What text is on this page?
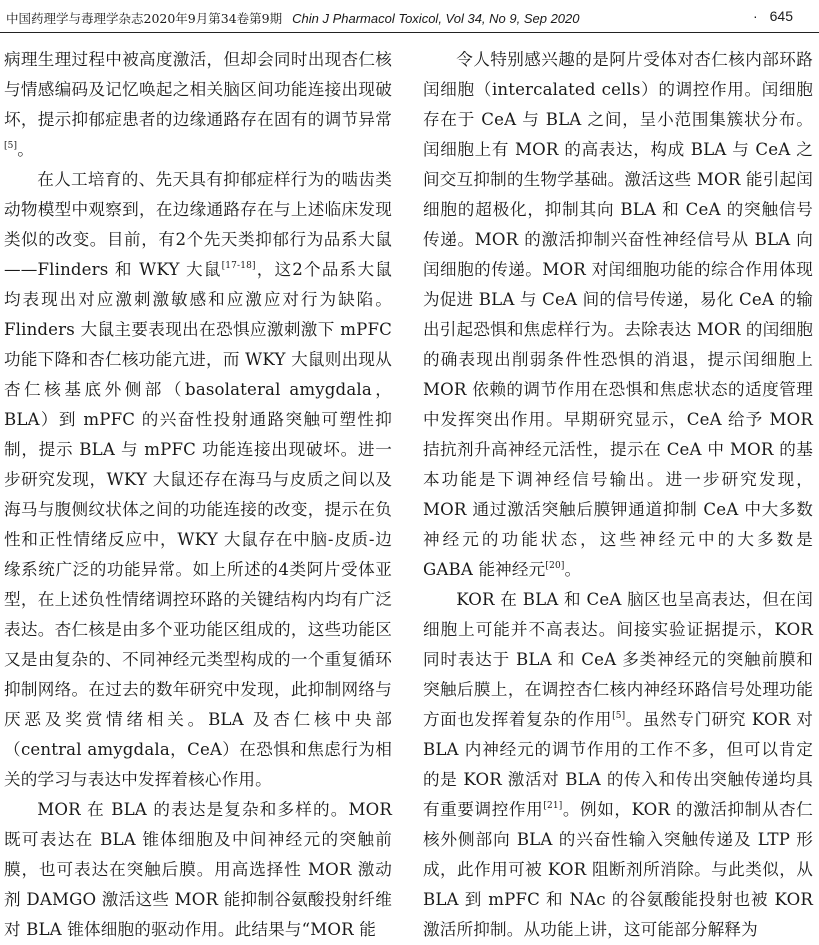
中国药理学与毒理学杂志2020年9月第34卷第9期 Chin J Pharmacol Toxicol, Vol 34, No 9, Sep 2020	· 645

病理生理过程中被高度激活，但却会同时出现杏仁核与情感编码及记忆唤起之相关脑区间功能连接出现破坏，提示抑郁症患者的边缘通路存在固有的调节异常[5]。

在人工培育的、先天具有抑郁症样行为的啮齿类动物模型中观察到，在边缘通路存在与上述临床发现类似的改变。目前，有2个先天类抑郁行为品系大鼠——Flinders 和 WKY 大鼠[17-18]，这2个品系大鼠均表现出对应激刺激敏感和应激应对行为缺陷。Flinders 大鼠主要表现出在恐惧应激刺激下 mPFC 功能下降和杏仁核功能亢进，而 WKY 大鼠则出现从杏仁核基底外侧部（basolateral amygdala，BLA）到 mPFC 的兴奋性投射通路突触可塑性抑制，提示 BLA 与 mPFC 功能连接出现破坏。进一步研究发现，WKY 大鼠还存在海马与皮质之间以及海马与腹侧纹状体之间的功能连接的改变，提示在负性和正性情绪反应中，WKY 大鼠存在中脑-皮质-边缘系统广泛的功能异常。如上所述的4类阿片受体亚型，在上述负性情绪调控环路的关键结构内均有广泛表达。杏仁核是由多个亚功能区组成的，这些功能区又是由复杂的、不同神经元类型构成的一个重复循环抑制网络。在过去的数年研究中发现，此抑制网络与厌恶及奖赏情绪相关。BLA 及杏仁核中央部（central amygdala，CeA）在恐惧和焦虑行为相关的学习与表达中发挥着核心作用。

MOR 在 BLA 的表达是复杂和多样的。MOR 既可表达在 BLA 锥体细胞及中间神经元的突触前膜，也可表达在突触后膜。用高选择性 MOR 激动剂 DAMGO 激活这些 MOR 能抑制谷氨酸投射纤维对 BLA 锥体细胞的驱动作用。此结果与“MOR 能

令人特别感兴趣的是阿片受体对杏仁核内部环路闰细胞（intercalated cells）的调控作用。闰细胞存在于 CeA 与 BLA 之间，呈小范围集簇状分布。闰细胞上有 MOR 的高表达，构成 BLA 与 CeA 之间交互抑制的生物学基础。激活这些 MOR 能引起闰细胞的超极化，抑制其向 BLA 和 CeA 的突触信号传递。MOR 的激活抑制兴奋性神经信号从 BLA 向闰细胞的传递。MOR 对闰细胞功能的综合作用体现为促进 BLA 与 CeA 间的信号传递，易化 CeA 的输出引起恐惧和焦虑样行为。去除表达 MOR 的闰细胞的确表现出削弱条件性恐惧的消退，提示闰细胞上 MOR 依赖的调节作用在恐惧和焦虑状态的适度管理中发挥突出作用。早期研究显示，CeA 给予 MOR 拮抗剂升高神经元活性，提示在 CeA 中 MOR 的基本功能是下调神经信号输出。进一步研究发现，MOR 通过激活突触后膜钾通道抑制 CeA 中大多数神经元的功能状态，这些神经元中的大多数是 GABA 能神经元[20]。

KOR 在 BLA 和 CeA 脑区也呈高表达，但在闰细胞上可能并不高表达。间接实验证据提示，KOR 同时表达于 BLA 和 CeA 多类神经元的突触前膜和突触后膜上，在调控杏仁核内神经环路信号处理功能方面也发挥着复杂的作用[5]。虽然专门研究 KOR 对 BLA 内神经元的调节作用的工作不多，但可以肯定的是 KOR 激活对 BLA 的传入和传出突触传递均具有重要调控作用[21]。例如，KOR 的激活抑制从杏仁核外侧部向 BLA 的兴奋性输入突触传递及 LTP 形成，此作用可被 KOR 阻断剂所消除。与此类似，从 BLA 到 mPFC 和 NAc 的谷氨酸能投射也被 KOR 激活所抑制。从功能上讲，这可能部分解释为
